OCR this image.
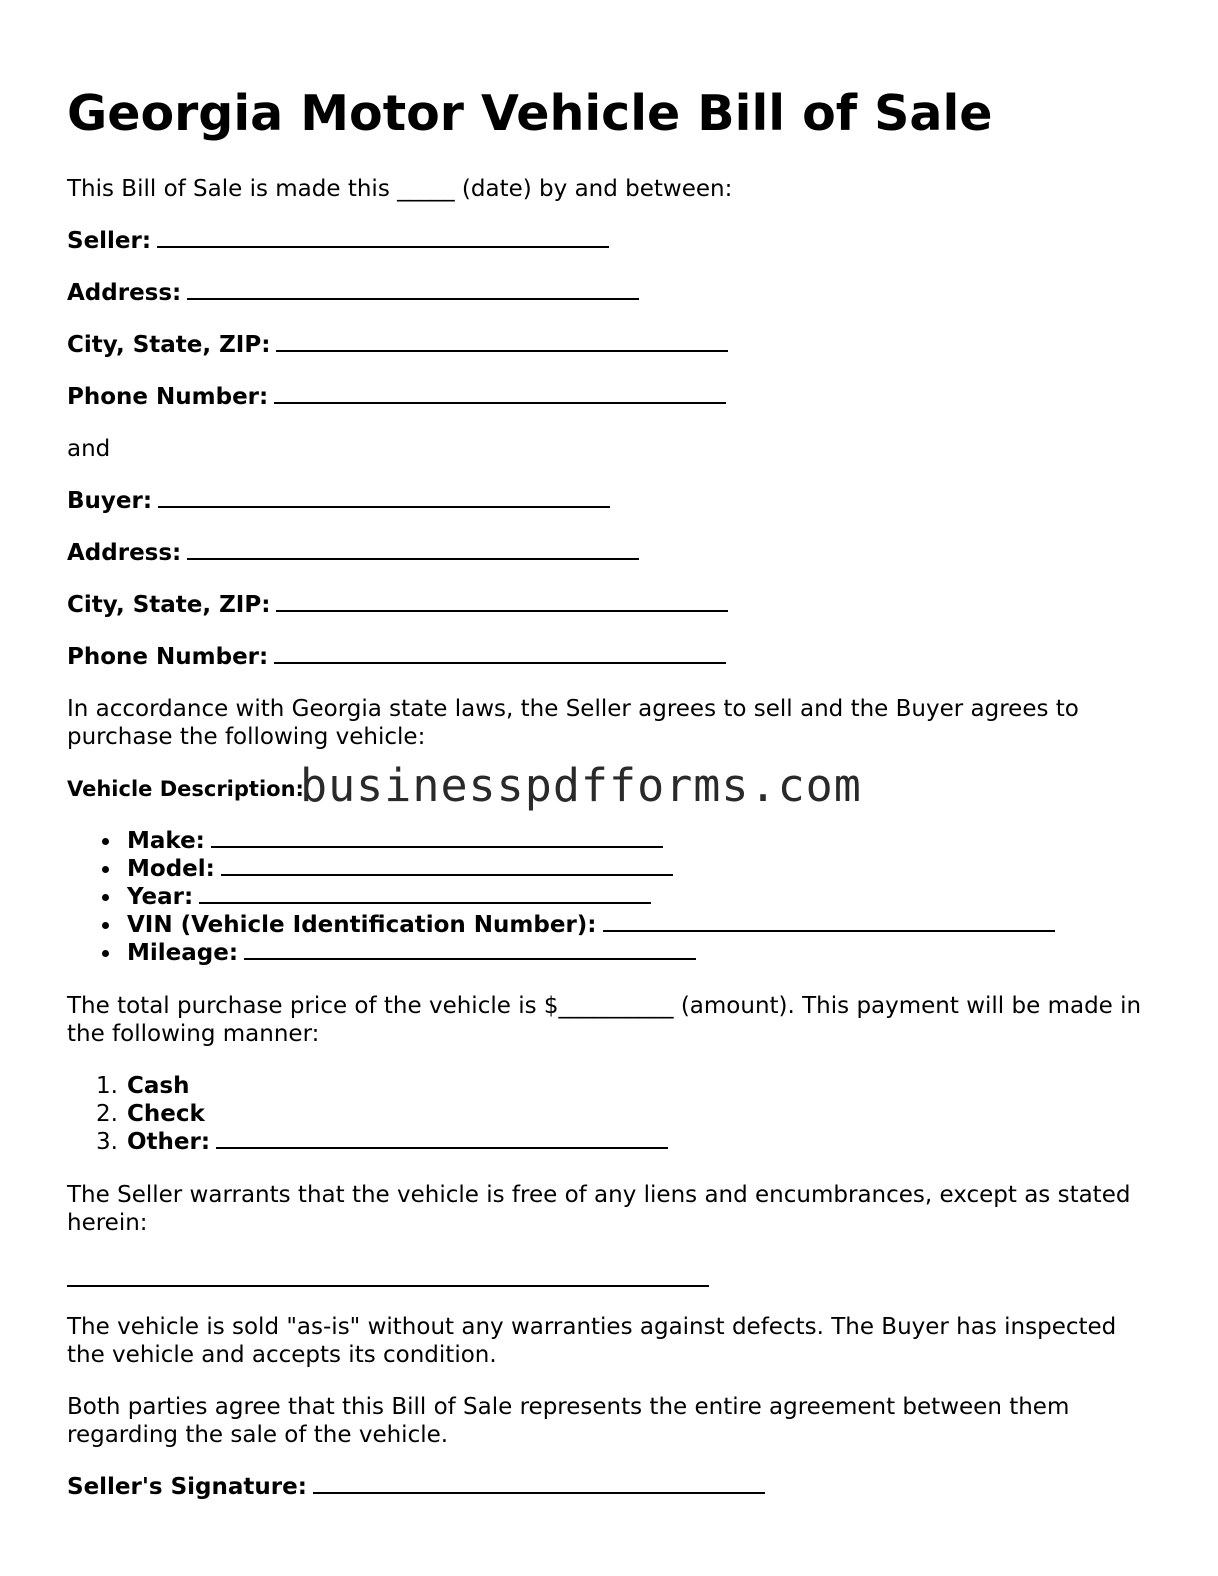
Georgia Motor Vehicle Bill of Sale

This Bill of Sale is made this _____ (date) by and between:

Seller:

Address:

City, State, ZIP:

Phone Number:

and

Buyer:

Address:

City, State, ZIP:

Phone Number:

In accordance with Georgia state laws, the Seller agrees to sell and the Buyer agrees to purchase the following vehicle:

Vehicle Description:

Make:
Model:
Year:
VIN (Vehicle Identification Number):
Mileage:

The total purchase price of the vehicle is $__________ (amount). This payment will be made in the following manner:

1. Cash
2. Check
3. Other:

The Seller warrants that the vehicle is free of any liens and encumbrances, except as stated herein:

The vehicle is sold "as-is" without any warranties against defects. The Buyer has inspected the vehicle and accepts its condition.

Both parties agree that this Bill of Sale represents the entire agreement between them regarding the sale of the vehicle.

Seller's Signature:

businesspdfforms.com
